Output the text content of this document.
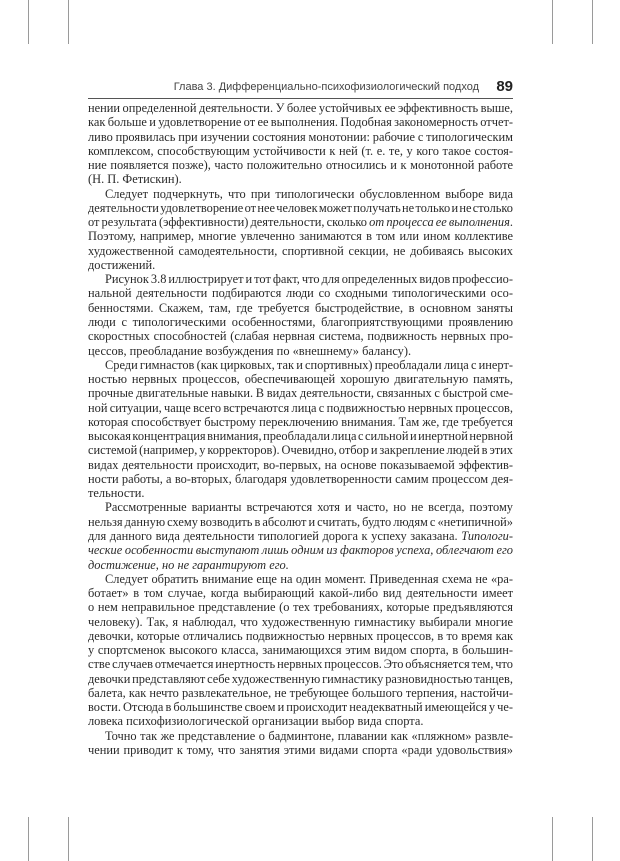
Глава 3. Дифференциально-психофизиологический подход 89
нении определенной деятельности. У более устойчивых ее эффективность выше,
как больше и удовлетворение от ее выполнения. Подобная закономерность отчет-
ливо проявилась при изучении состояния монотонии: рабочие с типологическим
комплексом, способствующим устойчивости к ней (т. е. те, у кого такое состоя-
ние появляется позже), часто положительно относились и к монотонной работе
(Н. П. Фетискин).
Следует подчеркнуть, что при типологически обусловленном выборе вида
деятельности удовлетворение от нее человек может получать не только и не столько
от результата (эффективности) деятельности, сколько от процесса ее выполнения.
Поэтому, например, многие увлеченно занимаются в том или ином коллективе
художественной самодеятельности, спортивной секции, не добиваясь высоких
достижений.
Рисунок 3.8 иллюстрирует и тот факт, что для определенных видов профессио-
нальной деятельности подбираются люди со сходными типологическими осо-
бенностями. Скажем, там, где требуется быстродействие, в основном заняты
люди с типологическими особенностями, благоприятствующими проявлению
скоростных способностей (слабая нервная система, подвижность нервных про-
цессов, преобладание возбуждения по «внешнему» балансу).
Среди гимнастов (как цирковых, так и спортивных) преобладали лица с инерт-
ностью нервных процессов, обеспечивающей хорошую двигательную память,
прочные двигательные навыки. В видах деятельности, связанных с быстрой сме-
ной ситуации, чаще всего встречаются лица с подвижностью нервных процессов,
которая способствует быстрому переключению внимания. Там же, где требуется
высокая концентрация внимания, преобладали лица с сильной и инертной нервной
системой (например, у корректоров). Очевидно, отбор и закрепление людей в этих
видах деятельности происходит, во-первых, на основе показываемой эффектив-
ности работы, а во-вторых, благодаря удовлетворенности самим процессом дея-
тельности.
Рассмотренные варианты встречаются хотя и часто, но не всегда, поэтому
нельзя данную схему возводить в абсолют и считать, будто людям с «нетипичной»
для данного вида деятельности типологией дорога к успеху заказана. Типологи-
ческие особенности выступают лишь одним из факторов успеха, облегчают его
достижение, но не гарантируют его.
Следует обратить внимание еще на один момент. Приведенная схема не «ра-
ботает» в том случае, когда выбирающий какой-либо вид деятельности имеет
о нем неправильное представление (о тех требованиях, которые предъявляются
человеку). Так, я наблюдал, что художественную гимнастику выбирали многие
девочки, которые отличались подвижностью нервных процессов, в то время как
у спортсменок высокого класса, занимающихся этим видом спорта, в большин-
стве случаев отмечается инертность нервных процессов. Это объясняется тем, что
девочки представляют себе художественную гимнастику разновидностью танцев,
балета, как нечто развлекательное, не требующее большого терпения, настойчи-
вости. Отсюда в большинстве своем и происходит неадекватный имеющейся у че-
ловека психофизиологической организации выбор вида спорта.
Точно так же представление о бадминтоне, плавании как «пляжном» развле-
чении приводит к тому, что занятия этими видами спорта «ради удовольствия»
